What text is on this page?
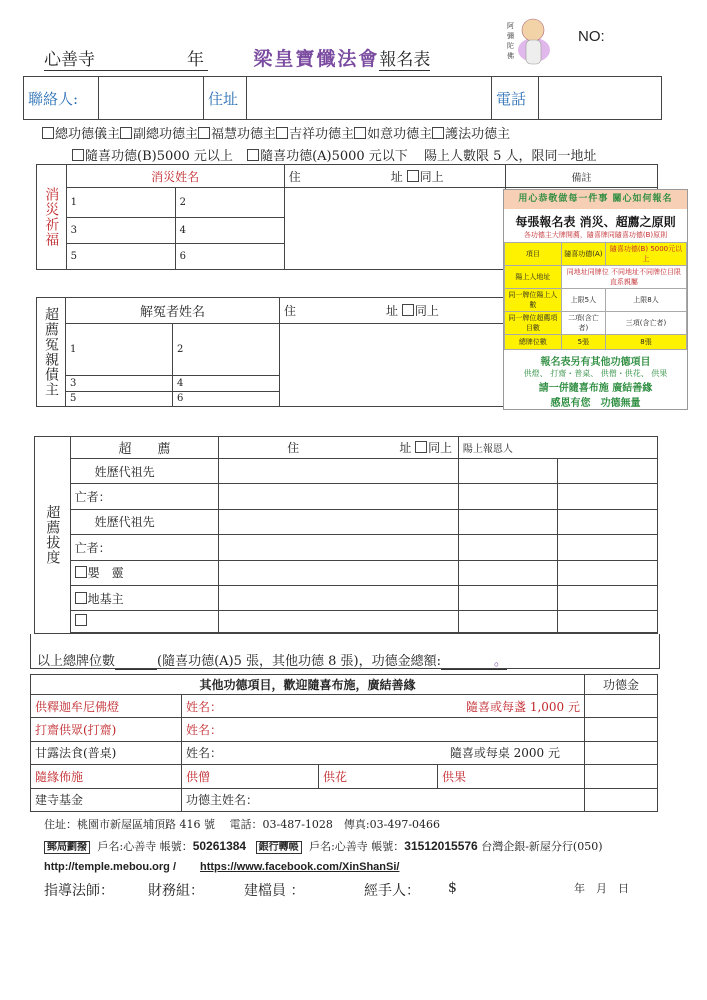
心善寺	年	梁皇寶懺法會報名表
阿
彌
陀
佛
NO:
聯絡人:		住址		電話	
總功德儀主 副總功德主 福慧功德主 吉祥功德主 如意功德主 護法功德主
隨喜功德(B)5000 元以上 隨喜功德(A)5000 元以下 陽上人數限 5 人，限同一地址
消災祈福	消災姓名		住 址 同上	備註
	1	2		
	3	4		
	5	6		
超薦冤親債主	解冤者姓名		住 址 同上
	1	2	
	3	4	
	5	6	
用心恭敬做每一件事 關心如何報名
每張報名表 消災、超薦之原則
各功德主大牌開薦，隨喜牌同隨喜功德(B)原則
項目	隨喜功德(A)	隨喜功德(B) 5000元以上
陽上人地址	同地址同牌位 不同地址不同牌位目限直系親屬	
同一牌位陽上人數	上限5人	上限8人
同一牌位超薦項目數	二項(含亡者)	三項(含亡者)
總牌位數	5張	8張
報名表另有其他功德項目
供燈、 打齋・普桌、 供僧・供花、 供果
請一併隨喜布施 廣結善緣
感恩有您　功德無量
超薦拔度	超　　薦	住 址 同上	陽上報恩人	
	姓歷代祖先			
	亡者：			
	姓歷代祖先			
	亡者：			
	嬰　靈			
	地基主			

以上總牌位數	(隨喜功德(A)5 張，其他功德 8 張)，功德金總額:	。
其他功德項目，歡迎隨喜布施，廣結善緣				功德金
供釋迦牟尼佛燈	姓名： 隨喜或每盞 1,000 元			

打齋供眾(打齋)	姓名：			
甘露法食(普桌)	姓名： 隨喜或每桌 2000 元			

隨緣佈施	供僧	供花	供果	
建寺基金	功德主姓名：			
住址：桃園市新屋區埔頂路 416 號　 電話：03-487-1028　傳真:03-497-0466
郵局劃撥 戶名:心善寺 帳號：50261384 銀行轉帳 戶名:心善寺 帳號：31512015576 台灣企銀-新屋分行(050)
http://temple.mebou.org / https://www.facebook.com/XinShanSi/
指導法師： 財務組：	建檔員 ：	經手人： $	年　月　日
